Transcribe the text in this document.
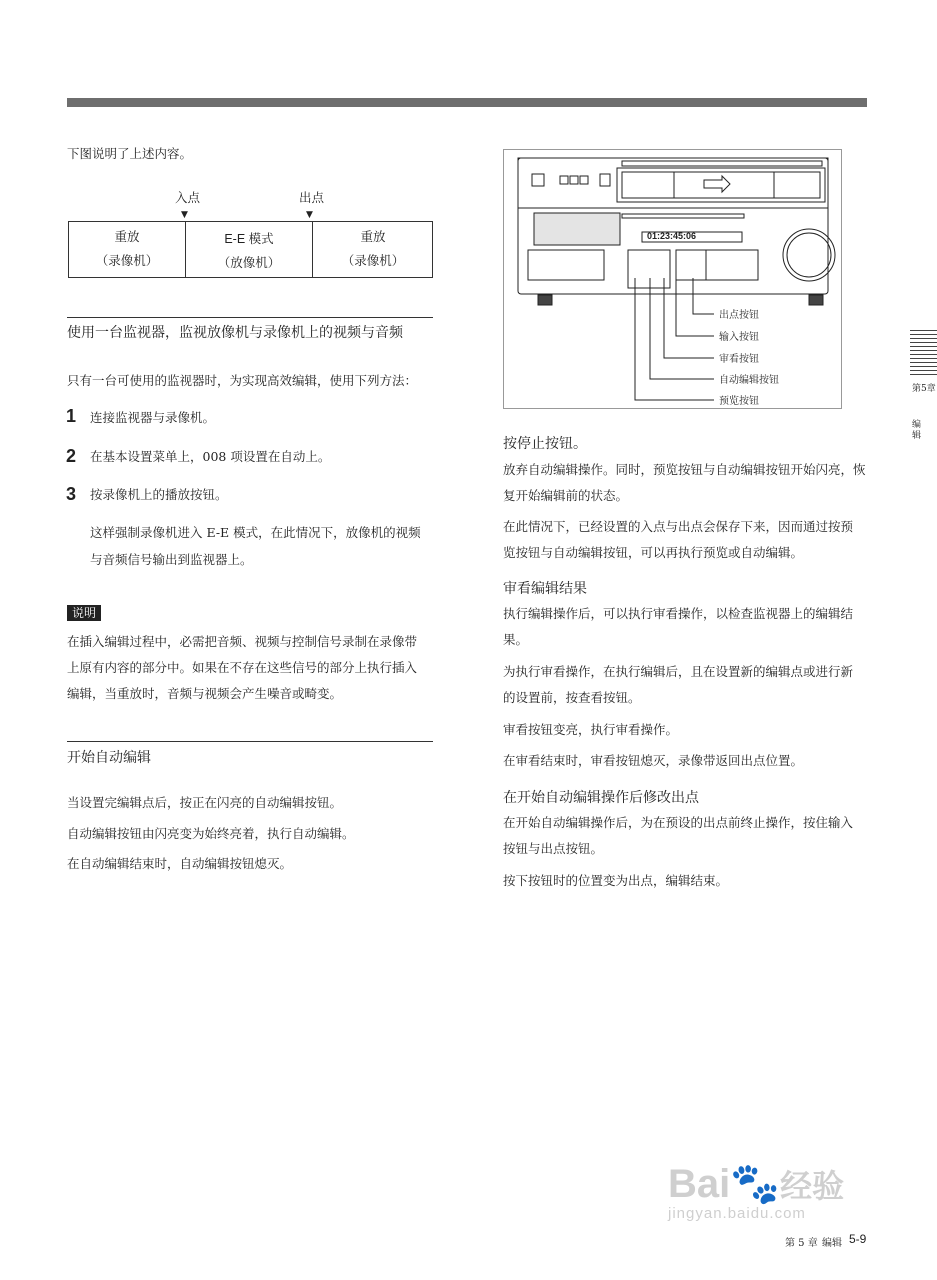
下图说明了上述内容。
入点	出点
▼	▼
重放
（录像机）
E-E 模式
（放像机）
重放
（录像机）
使用一台监视器，监视放像机与录像机上的视频与音频
只有一台可使用的监视器时，为实现高效编辑，使用下列方法：
1 连接监视器与录像机。
2 在基本设置菜单上，008 项设置在自动上。
3 按录像机上的播放按钮。
这样强制录像机进入 E-E 模式，在此情况下，放像机的视频
与音频信号输出到监视器上。
说明
在插入编辑过程中，必需把音频、视频与控制信号录制在录像带
上原有内容的部分中。如果在不存在这些信号的部分上执行插入
编辑，当重放时，音频与视频会产生噪音或畸变。
开始自动编辑
当设置完编辑点后，按正在闪亮的自动编辑按钮。
自动编辑按钮由闪亮变为始终亮着，执行自动编辑。
在自动编辑结束时，自动编辑按钮熄灭。
01:23:45:06
出点按钮
输入按钮
审看按钮
自动编辑按钮
预览按钮
按停止按钮。
放弃自动编辑操作。同时，预览按钮与自动编辑按钮开始闪亮，恢
复开始编辑前的状态。
在此情况下，已经设置的入点与出点会保存下来，因而通过按预
览按钮与自动编辑按钮，可以再执行预览或自动编辑。
审看编辑结果
执行编辑操作后，可以执行审看操作，以检查监视器上的编辑结
果。
为执行审看操作，在执行编辑后，且在设置新的编辑点或进行新
的设置前，按查看按钮。
审看按钮变亮，执行审看操作。
在审看结束时，审看按钮熄灭，录像带返回出点位置。
在开始自动编辑操作后修改出点
在开始自动编辑操作后，为在预设的出点前终止操作，按住输入
按钮与出点按钮。
按下按钮时的位置变为出点，编辑结束。
第5章
编辑
Bai🐾经验
jingyan.baidu.com
第 5 章 编辑 5-9
